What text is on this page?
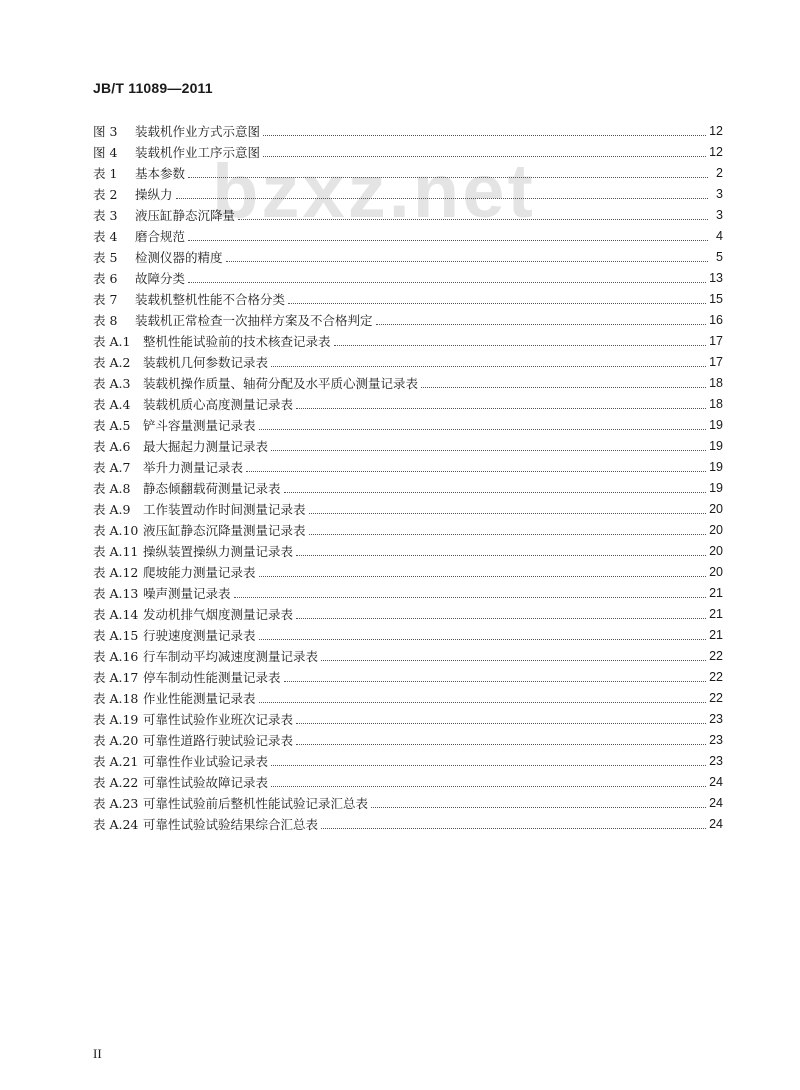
JB/T 11089—2011
bzxz.net
图 3 装载机作业方式示意图	12
图 4 装载机作业工序示意图	12
表 1 基本参数	2
表 2 操纵力	3
表 3 液压缸静态沉降量	3
表 4 磨合规范	4
表 5 检测仪器的精度	5
表 6 故障分类	13
表 7 装载机整机性能不合格分类	15
表 8 装载机正常检查一次抽样方案及不合格判定	16
表 A.1 整机性能试验前的技术核查记录表	17
表 A.2 装载机几何参数记录表	17
表 A.3 装载机操作质量、轴荷分配及水平质心测量记录表	18
表 A.4 装载机质心高度测量记录表	18
表 A.5 铲斗容量测量记录表	19
表 A.6 最大掘起力测量记录表	19
表 A.7 举升力测量记录表	19
表 A.8 静态倾翻载荷测量记录表	19
表 A.9 工作装置动作时间测量记录表	20
表 A.10 液压缸静态沉降量测量记录表	20
表 A.11 操纵装置操纵力测量记录表	20
表 A.12 爬坡能力测量记录表	20
表 A.13 噪声测量记录表	21
表 A.14 发动机排气烟度测量记录表	21
表 A.15 行驶速度测量记录表	21
表 A.16 行车制动平均减速度测量记录表	22
表 A.17 停车制动性能测量记录表	22
表 A.18 作业性能测量记录表	22
表 A.19 可靠性试验作业班次记录表	23
表 A.20 可靠性道路行驶试验记录表	23
表 A.21 可靠性作业试验记录表	23
表 A.22 可靠性试验故障记录表	24
表 A.23 可靠性试验前后整机性能试验记录汇总表	24
表 A.24 可靠性试验试验结果综合汇总表	24
II
